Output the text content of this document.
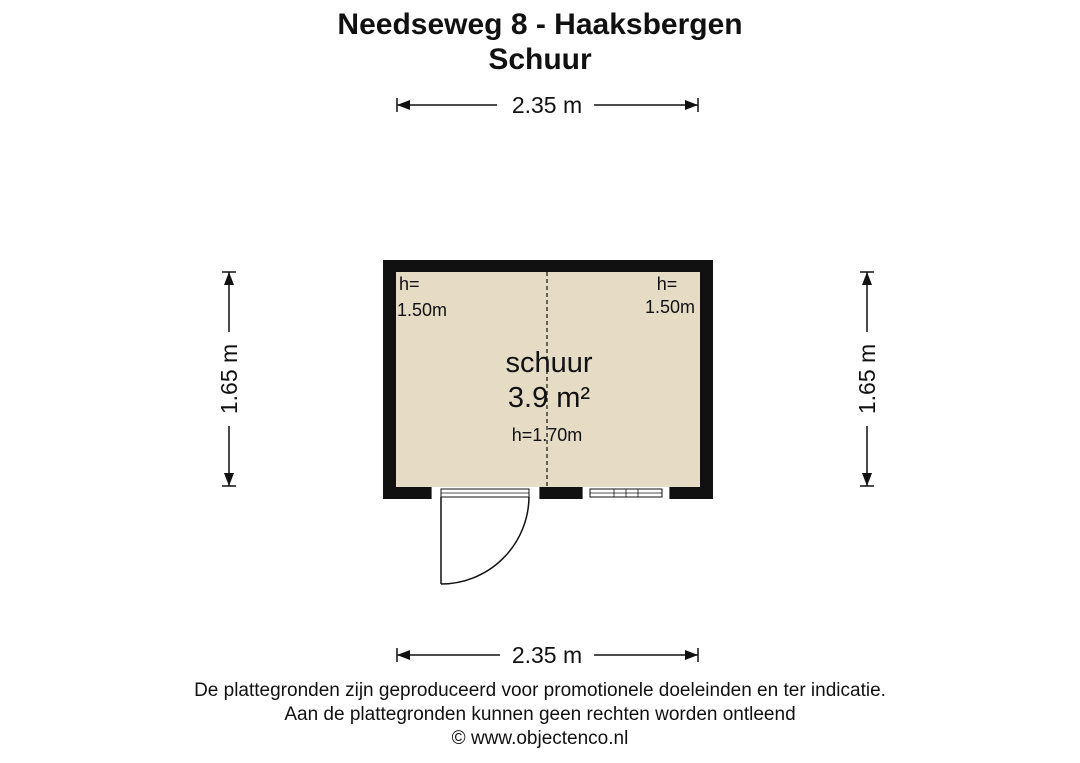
Needseweg 8 - Haaksbergen
Schuur
2.35 m
2.35 m
1.65 m	1.65 m
schuur
3.9 m²
h=1.70m
h=
1.50m
h=
1.50m
De plattegronden zijn geproduceerd voor promotionele doeleinden en ter indicatie.
Aan de plattegronden kunnen geen rechten worden ontleend
© www.objectenco.nl
